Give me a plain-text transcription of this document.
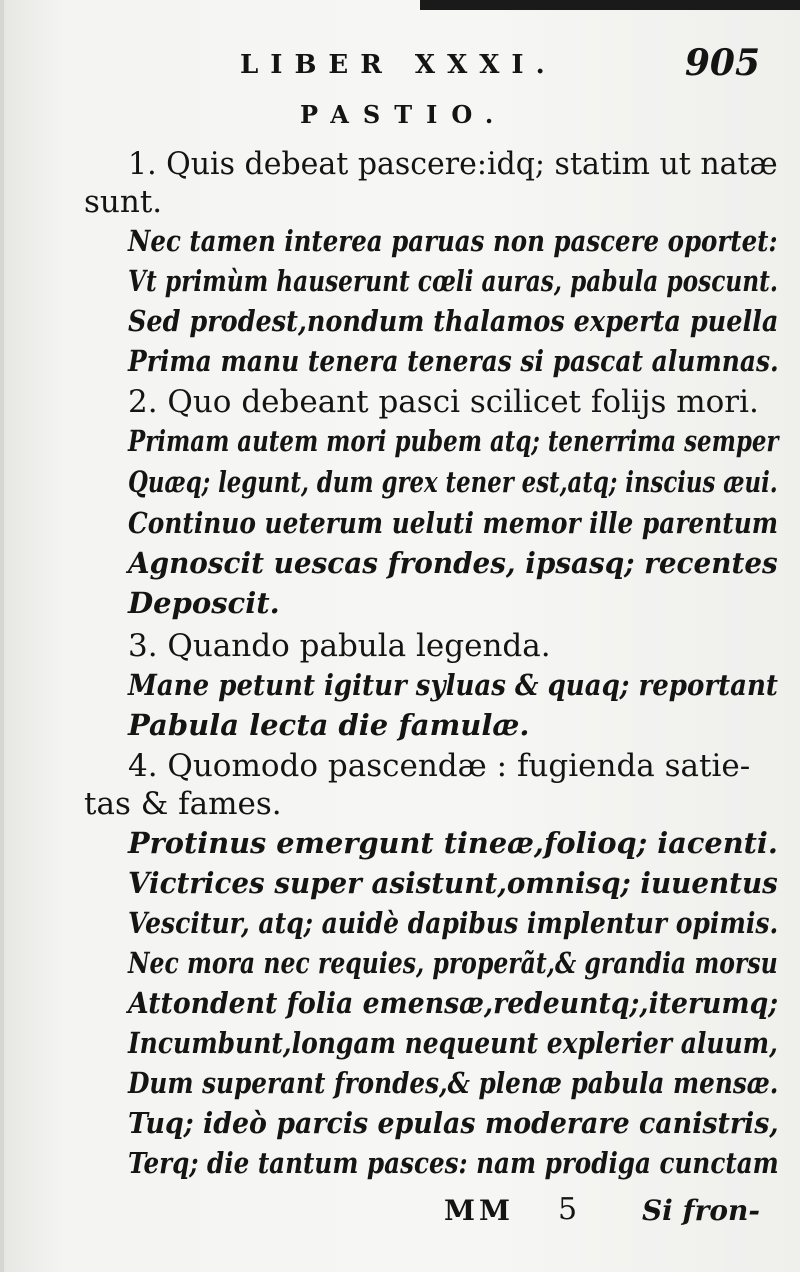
LIBER XXXI.	905
PASTIO.
1. Quis debeat pascere:idq; statim ut natæ
sunt.
Nec tamen interea paruas non pascere oportet:
Vt primùm hauserunt cœli auras, pabula poscunt.
Sed prodest,nondum thalamos experta puella
Prima manu tenera teneras si pascat alumnas.
2. Quo debeant pasci scilicet folijs mori.
Primam autem mori pubem atq; tenerrima semper
Quæq; legunt, dum grex tener est,atq; inscius æui.
Continuo ueterum ueluti memor ille parentum
Agnoscit uescas frondes, ipsasq; recentes
Deposcit.
3. Quando pabula legenda.
Mane petunt igitur syluas & quaq; reportant
Pabula lecta die famulæ.
4. Quomodo pascendæ : fugienda satie-
tas & fames.
Protinus emergunt tineæ,folioq; iacenti.
Victrices super asistunt,omnisq; iuuentus
Vescitur, atq; auidè dapibus implentur opimis.
Nec mora nec requies, properãt,& grandia morsu
Attondent folia emensæ,redeuntq;,iterumq;
Incumbunt,longam nequeunt explerier aluum,
Dum superant frondes,& plenæ pabula mensæ.
Tuq; ideò parcis epulas moderare canistris,
Terq; die tantum pasces: nam prodiga cunctam
MM 5 Si fron-
